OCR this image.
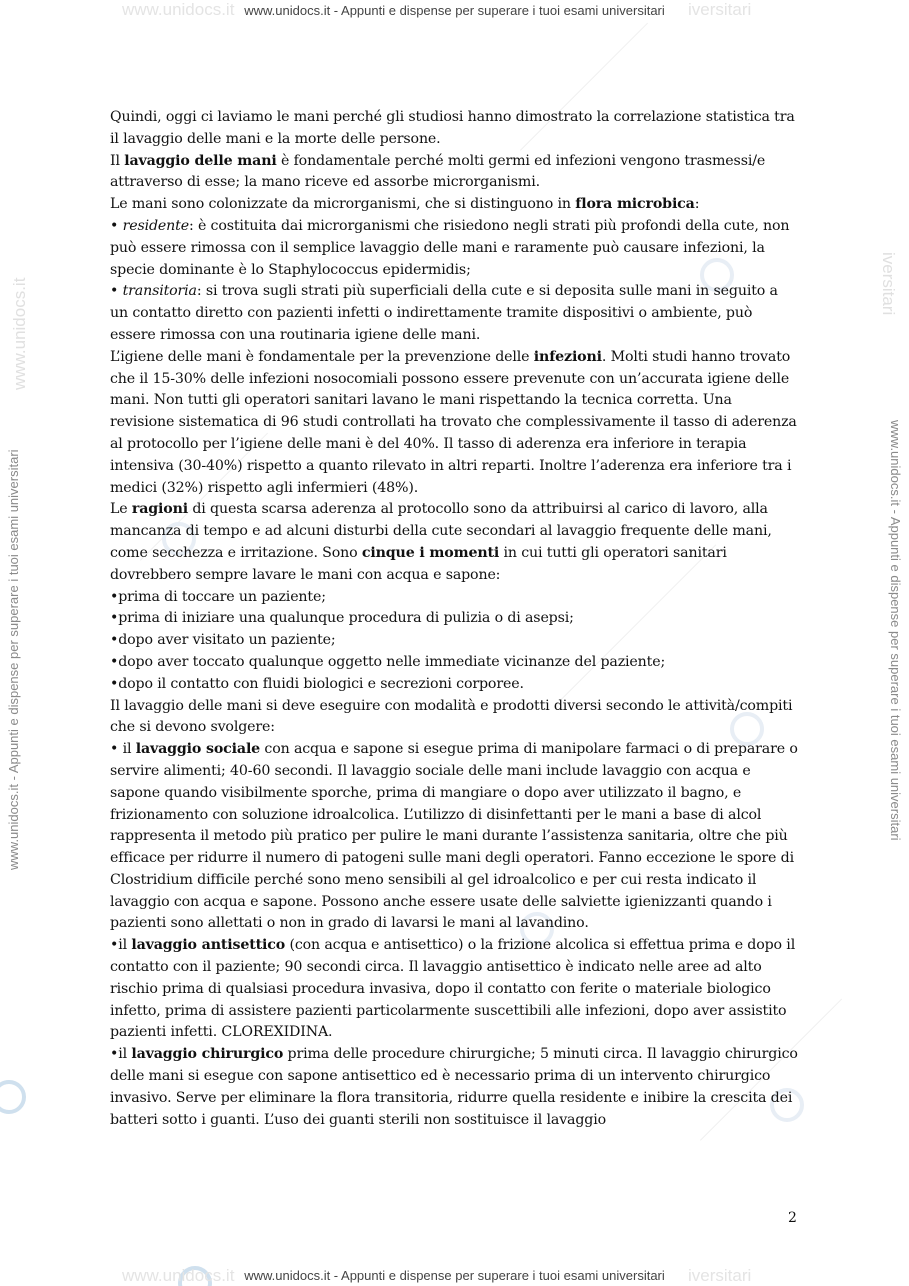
www.unidocs.it	iversitari
www.unidocs.it - Appunti e dispense per superare i tuoi esami universitari
www.unidocs.it - Appunti e dispense per superare i tuoi esami universitari
www.unidocs.it
www.unidocs.it - Appunti e dispense per superare i tuoi esami universitari
iversitari

Quindi, oggi ci laviamo le mani perché gli studiosi hanno dimostrato la correlazione statistica tra il lavaggio delle mani e la morte delle persone.

Il lavaggio delle mani è fondamentale perché molti germi ed infezioni vengono trasmessi/e attraverso di esse; la mano riceve ed assorbe microrganismi.

Le mani sono colonizzate da microrganismi, che si distinguono in flora microbica:

• residente: è costituita dai microrganismi che risiedono negli strati più profondi della cute, non può essere rimossa con il semplice lavaggio delle mani e raramente può causare infezioni, la specie dominante è lo Staphylococcus epidermidis;

• transitoria: si trova sugli strati più superficiali della cute e si deposita sulle mani in seguito a un contatto diretto con pazienti infetti o indirettamente tramite dispositivi o ambiente, può essere rimossa con una routinaria igiene delle mani.

L’igiene delle mani è fondamentale per la prevenzione delle infezioni. Molti studi hanno trovato che il 15-30% delle infezioni nosocomiali possono essere prevenute con un’accurata igiene delle mani. Non tutti gli operatori sanitari lavano le mani rispettando la tecnica corretta. Una revisione sistematica di 96 studi controllati ha trovato che complessivamente il tasso di aderenza al protocollo per l’igiene delle mani è del 40%. Il tasso di aderenza era inferiore in terapia intensiva (30-40%) rispetto a quanto rilevato in altri reparti. Inoltre l’aderenza era inferiore tra i medici (32%) rispetto agli infermieri (48%).

Le ragioni di questa scarsa aderenza al protocollo sono da attribuirsi al carico di lavoro, alla mancanza di tempo e ad alcuni disturbi della cute secondari al lavaggio frequente delle mani, come secchezza e irritazione. Sono cinque i momenti in cui tutti gli operatori sanitari dovrebbero sempre lavare le mani con acqua e sapone:

•prima di toccare un paziente;

•prima di iniziare una qualunque procedura di pulizia o di asepsi;

•dopo aver visitato un paziente;

•dopo aver toccato qualunque oggetto nelle immediate vicinanze del paziente;

•dopo il contatto con fluidi biologici e secrezioni corporee.

Il lavaggio delle mani si deve eseguire con modalità e prodotti diversi secondo le attività/compiti che si devono svolgere:

• il lavaggio sociale con acqua e sapone si esegue prima di manipolare farmaci o di preparare o servire alimenti; 40-60 secondi. Il lavaggio sociale delle mani include lavaggio con acqua e sapone quando visibilmente sporche, prima di mangiare o dopo aver utilizzato il bagno, e frizionamento con soluzione idroalcolica. L’utilizzo di disinfettanti per le mani a base di alcol rappresenta il metodo più pratico per pulire le mani durante l’assistenza sanitaria, oltre che più efficace per ridurre il numero di patogeni sulle mani degli operatori. Fanno eccezione le spore di Clostridium difficile perché sono meno sensibili al gel idroalcolico e per cui resta indicato il lavaggio con acqua e sapone. Possono anche essere usate delle salviette igienizzanti quando i pazienti sono allettati o non in grado di lavarsi le mani al lavandino.

•il lavaggio antisettico (con acqua e antisettico) o la frizione alcolica si effettua prima e dopo il contatto con il paziente; 90 secondi circa. Il lavaggio antisettico è indicato nelle aree ad alto rischio prima di qualsiasi procedura invasiva, dopo il contatto con ferite o materiale biologico infetto, prima di assistere pazienti particolarmente suscettibili alle infezioni, dopo aver assistito pazienti infetti. CLOREXIDINA.

•il lavaggio chirurgico prima delle procedure chirurgiche; 5 minuti circa. Il lavaggio chirurgico delle mani si esegue con sapone antisettico ed è necessario prima di un intervento chirurgico invasivo. Serve per eliminare la flora transitoria, ridurre quella residente e inibire la crescita dei batteri sotto i guanti. L’uso dei guanti sterili non sostituisce il lavaggio

2
www.unidocs.it	iversitari
www.unidocs.it - Appunti e dispense per superare i tuoi esami universitari
